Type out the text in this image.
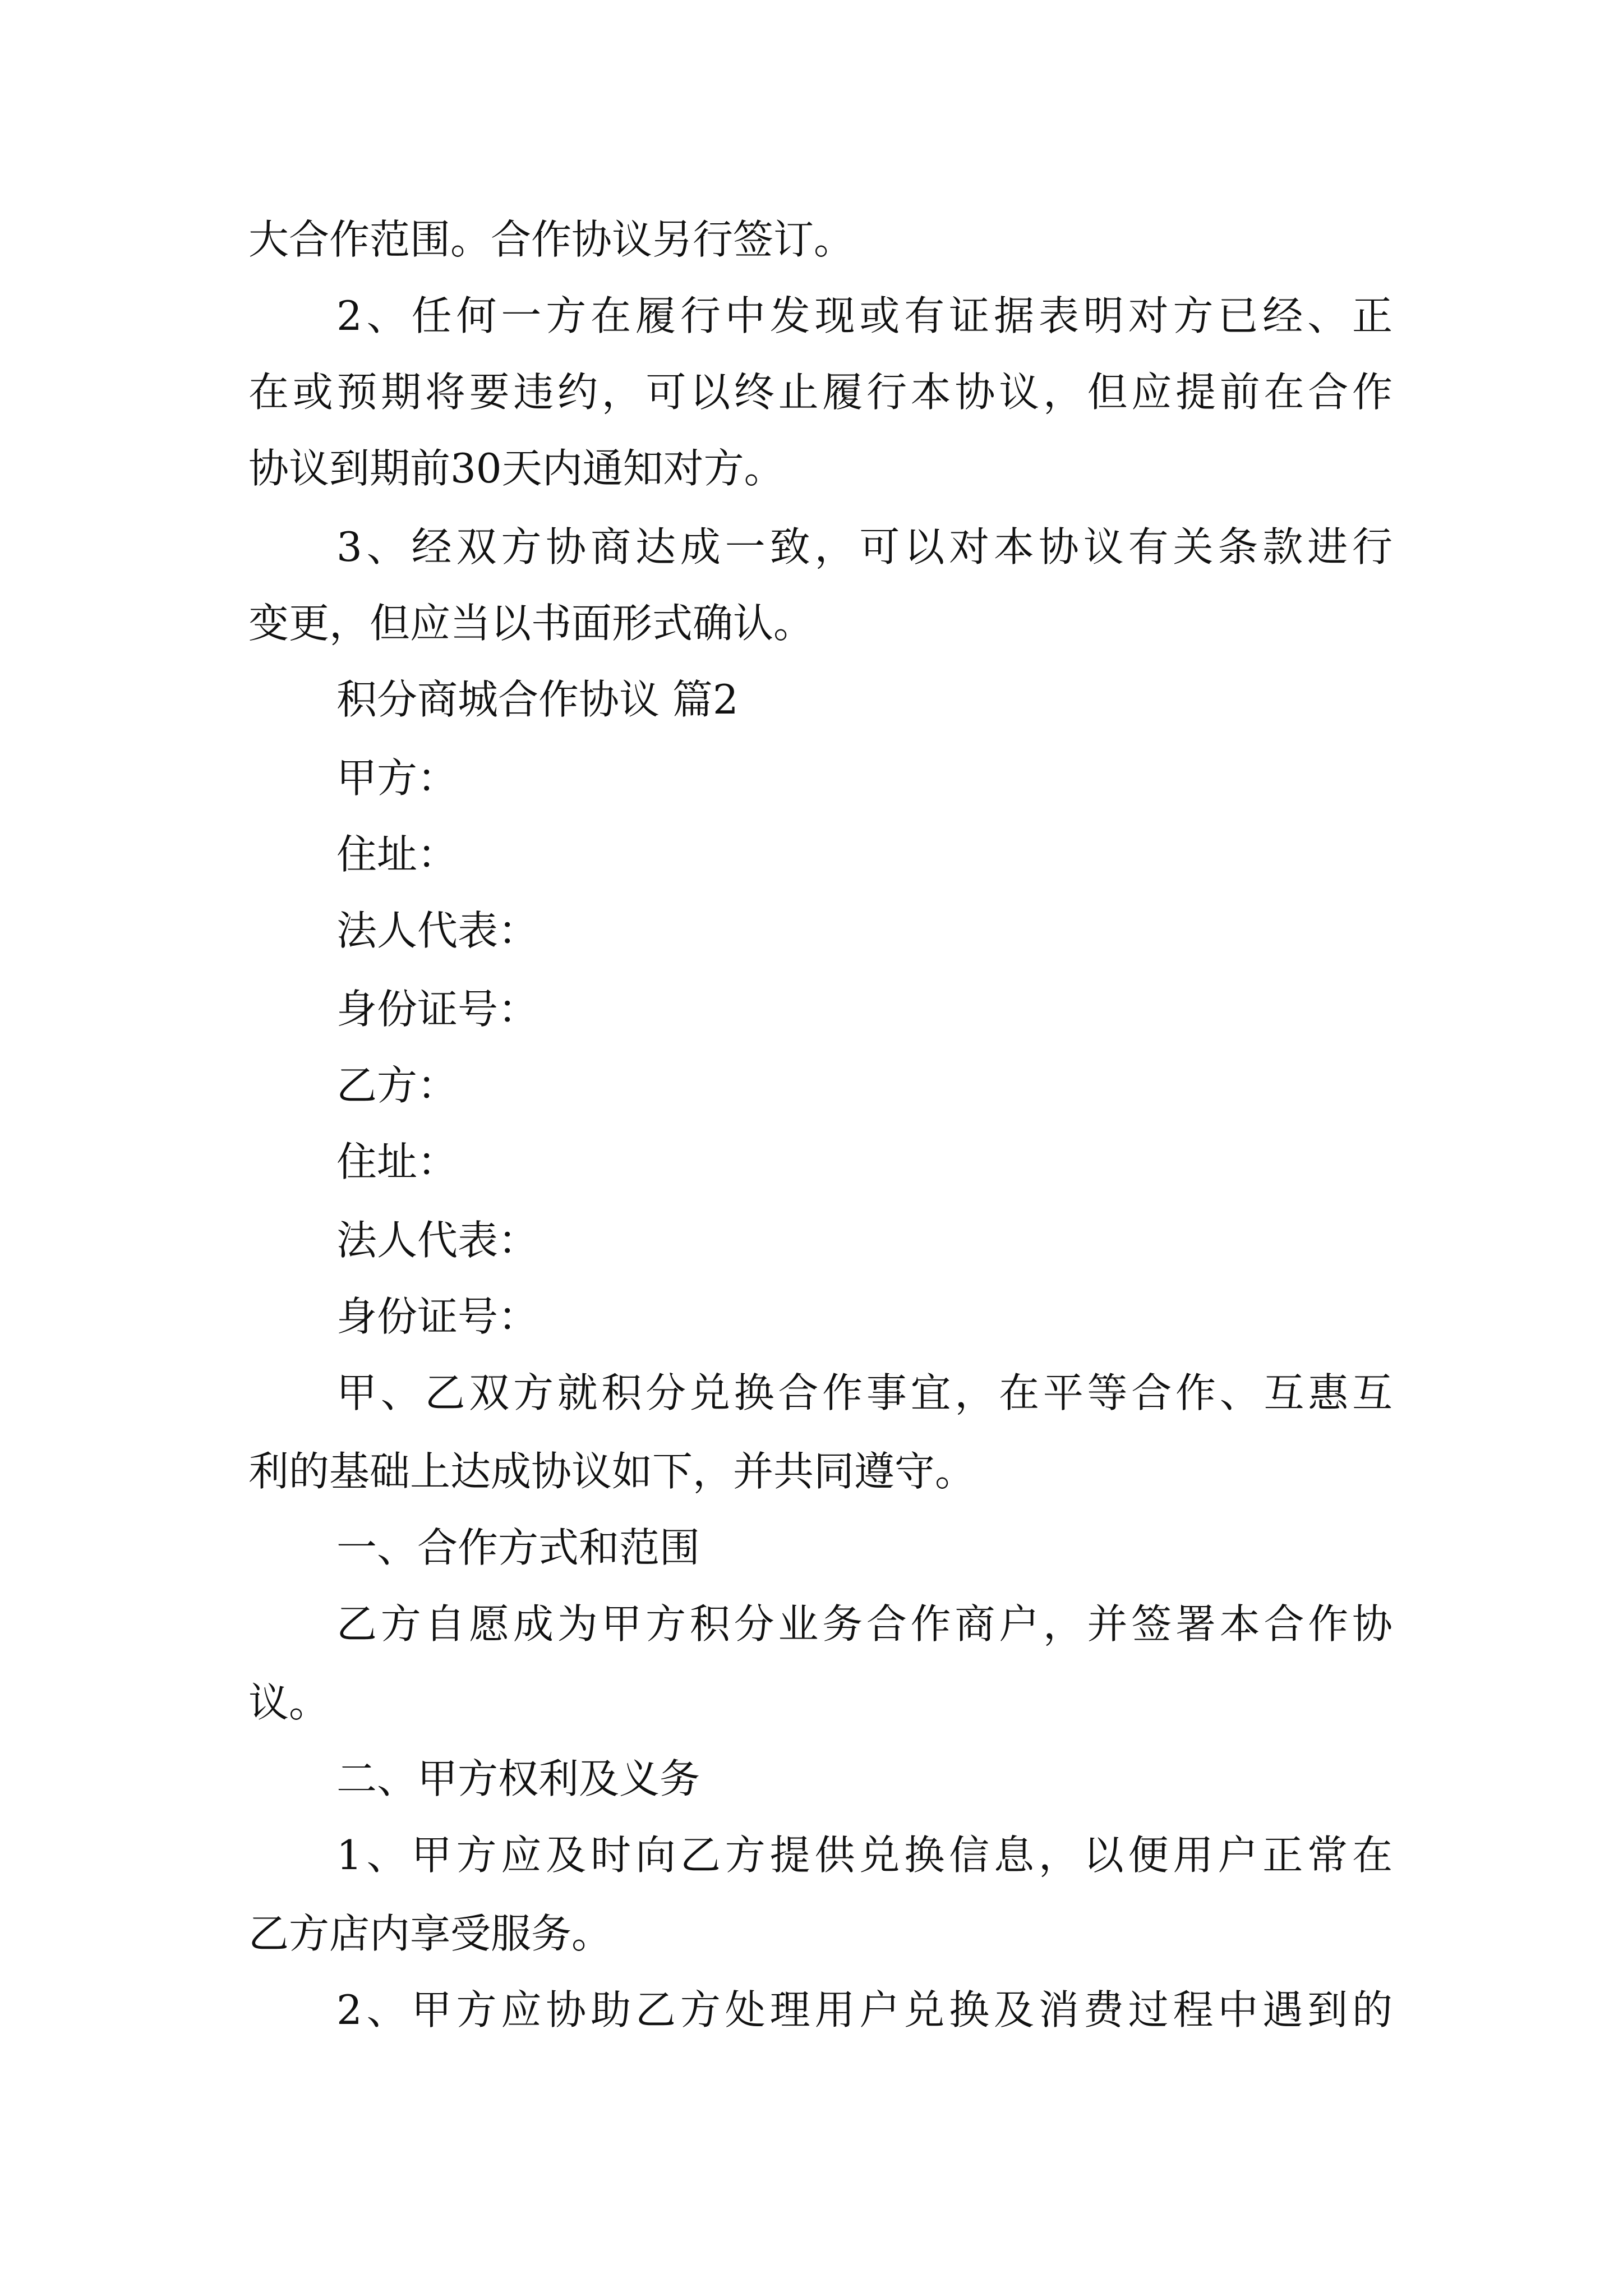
大合作范围。合作协议另行签订。
2、任何一方在履行中发现或有证据表明对方已经、正
在或预期将要违约，可以终止履行本协议，但应提前在合作
协议到期前30天内通知对方。
3、经双方协商达成一致，可以对本协议有关条款进行
变更，但应当以书面形式确认。
积分商城合作协议 篇2
甲方：
住址：
法人代表：
身份证号：
乙方：
住址：
法人代表：
身份证号：
甲、乙双方就积分兑换合作事宜，在平等合作、互惠互
利的基础上达成协议如下，并共同遵守。
一、合作方式和范围
乙方自愿成为甲方积分业务合作商户，并签署本合作协
议。
二、甲方权利及义务
1、甲方应及时向乙方提供兑换信息，以便用户正常在
乙方店内享受服务。
2、甲方应协助乙方处理用户兑换及消费过程中遇到的
